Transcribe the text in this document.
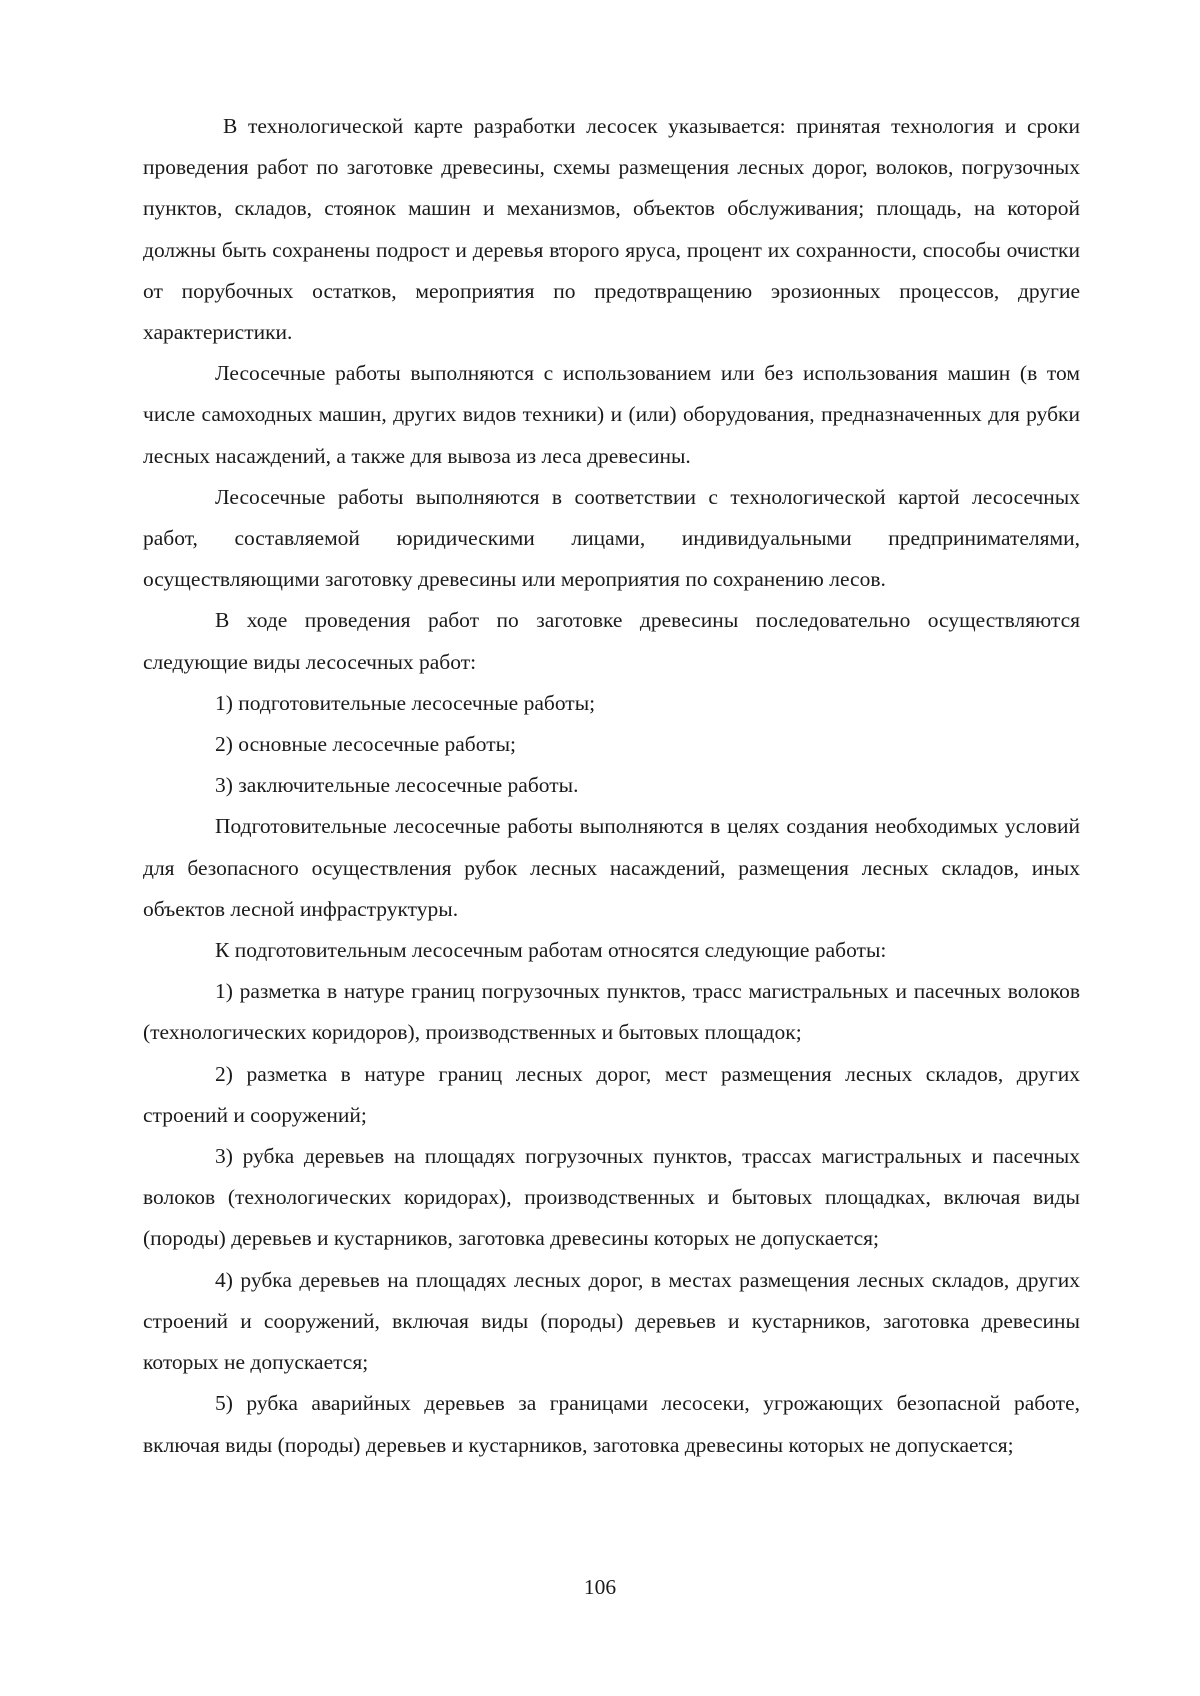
В технологической карте разработки лесосек указывается: принятая технология и сроки проведения работ по заготовке древесины, схемы размещения лесных дорог, волоков, погрузочных пунктов, складов, стоянок машин и механизмов, объектов обслуживания; площадь, на которой должны быть сохранены подрост и деревья второго яруса, процент их сохранности, способы очистки от порубочных остатков, мероприятия по предотвращению эрозионных процессов, другие характеристики.

Лесосечные работы выполняются с использованием или без использования машин (в том числе самоходных машин, других видов техники) и (или) оборудования, предназначенных для рубки лесных насаждений, а также для вывоза из леса древесины.

Лесосечные работы выполняются в соответствии с технологической картой лесосечных работ, составляемой юридическими лицами, индивидуальными предпринимателями, осуществляющими заготовку древесины или мероприятия по сохранению лесов.

В ходе проведения работ по заготовке древесины последовательно осуществляются следующие виды лесосечных работ:

1) подготовительные лесосечные работы;

2) основные лесосечные работы;

3) заключительные лесосечные работы.

Подготовительные лесосечные работы выполняются в целях создания необходимых условий для безопасного осуществления рубок лесных насаждений, размещения лесных складов, иных объектов лесной инфраструктуры.

К подготовительным лесосечным работам относятся следующие работы:

1) разметка в натуре границ погрузочных пунктов, трасс магистральных и пасечных волоков (технологических коридоров), производственных и бытовых площадок;

2) разметка в натуре границ лесных дорог, мест размещения лесных складов, других строений и сооружений;

3) рубка деревьев на площадях погрузочных пунктов, трассах магистральных и пасечных волоков (технологических коридорах), производственных и бытовых площадках, включая виды (породы) деревьев и кустарников, заготовка древесины которых не допускается;

4) рубка деревьев на площадях лесных дорог, в местах размещения лесных складов, других строений и сооружений, включая виды (породы) деревьев и кустарников, заготовка древесины которых не допускается;

5) рубка аварийных деревьев за границами лесосеки, угрожающих безопасной работе, включая виды (породы) деревьев и кустарников, заготовка древесины которых не допускается;

106
